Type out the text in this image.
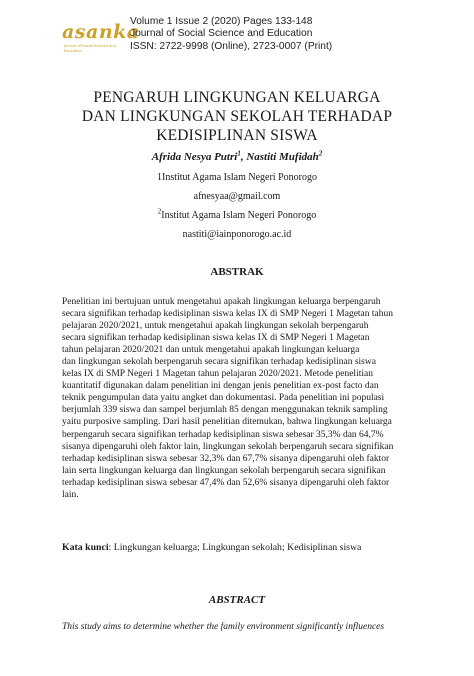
asanka
Journal of Social Science and Education
Volume 1 Issue 2 (2020) Pages 133-148
Journal of Social Science and Education
ISSN: 2722-9998 (Online), 2723-0007 (Print)
PENGARUH LINGKUNGAN KELUARGA
DAN LINGKUNGAN SEKOLAH TERHADAP
KEDISIPLINAN SISWA
Afrida Nesya Putri$^1$, Nastiti Mufidah$^2$
1Institut Agama Islam Negeri Ponorogo
afnesyaa@gmail.com
$^2$Institut Agama Islam Negeri Ponorogo
nastiti@iainponorogo.ac.id
ABSTRAK
Penelitian ini bertujuan untuk mengetahui apakah lingkungan keluarga berpengaruh
secara signifikan terhadap kedisiplinan siswa kelas IX di SMP Negeri 1 Magetan tahun
pelajaran 2020/2021, untuk mengetahui apakah lingkungan sekolah berpengaruh
secara signifikan terhadap kedisiplinan siswa kelas IX di SMP Negeri 1 Magetan
tahun pelajaran 2020/2021 dan untuk mengetahui apakah lingkungan keluarga
dan lingkungan sekolah berpengaruh secara signifikan terhadap kedisiplinan siswa
kelas IX di SMP Negeri 1 Magetan tahun pelajaran 2020/2021. Metode penelitian
kuantitatif digunakan dalam penelitian ini dengan jenis penelitian ex-post facto dan
teknik pengumpulan data yaitu angket dan dokumentasi. Pada penelitian ini populasi
berjumlah 339 siswa dan sampel berjumlah 85 dengan menggunakan teknik sampling
yaitu purposive sampling. Dari hasil penelitian ditemukan, bahwa lingkungan keluarga
berpengaruh secara signifikan terhadap kedisiplinan siswa sebesar 35,3% dan 64,7%
sisanya dipengaruhi oleh faktor lain, lingkungan sekolah berpengaruh secara signifikan
terhadap kedisiplinan siswa sebesar 32,3% dan 67,7% sisanya dipengaruhi oleh faktor
lain serta lingkungan keluarga dan lingkungan sekolah berpengaruh secara signifikan
terhadap kedisiplinan siswa sebesar 47,4% dan 52,6% sisanya dipengaruhi oleh faktor
lain.
Kata kunci: Lingkungan keluarga; Lingkungan sekolah; Kedisiplinan siswa
ABSTRACT
This study aims to determine whether the family environment significantly influences
